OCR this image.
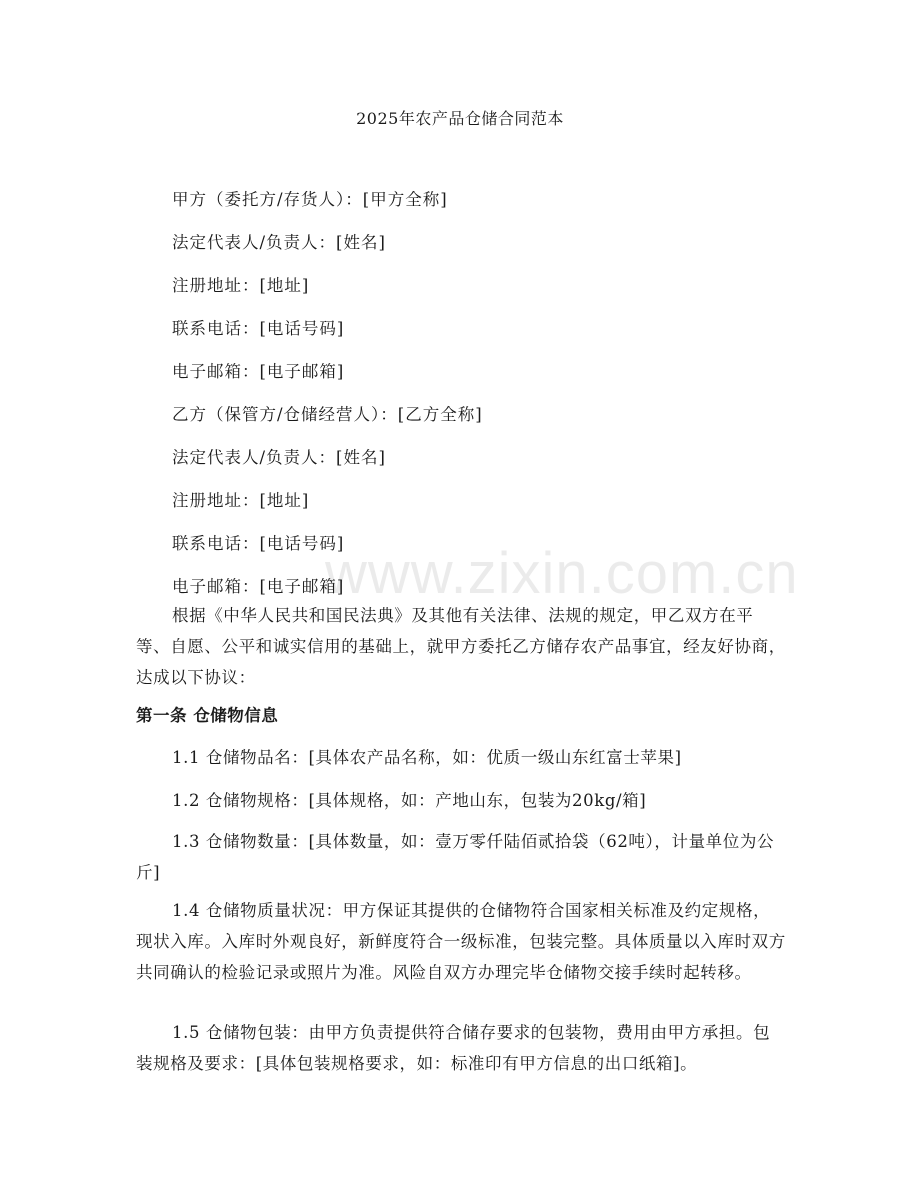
www.zixin.com.cn
2025年农产品仓储合同范本
甲方（委托方/存货人）：[甲方全称]
法定代表人/负责人：[姓名]
注册地址：[地址]
联系电话：[电话号码]
电子邮箱：[电子邮箱]
乙方（保管方/仓储经营人）：[乙方全称]
法定代表人/负责人：[姓名]
注册地址：[地址]
联系电话：[电话号码]
电子邮箱：[电子邮箱]

根据《中华人民共和国民法典》及其他有关法律、法规的规定，甲乙双方在平等、自愿、公平和诚实信用的基础上，就甲方委托乙方储存农产品事宜，经友好协商，达成以下协议：

第一条 仓储物信息

1.1 仓储物品名：[具体农产品名称，如：优质一级山东红富士苹果]

1.2 仓储物规格：[具体规格，如：产地山东，包装为20kg/箱]

1.3 仓储物数量：[具体数量，如：壹万零仟陆佰贰拾袋（62吨），计量单位为公斤]

1.4 仓储物质量状况：甲方保证其提供的仓储物符合国家相关标准及约定规格，现状入库。入库时外观良好，新鲜度符合一级标准，包装完整。具体质量以入库时双方共同确认的检验记录或照片为准。风险自双方办理完毕仓储物交接手续时起转移。

1.5 仓储物包装：由甲方负责提供符合储存要求的包装物，费用由甲方承担。包装规格及要求：[具体包装规格要求，如：标准印有甲方信息的出口纸箱]。
